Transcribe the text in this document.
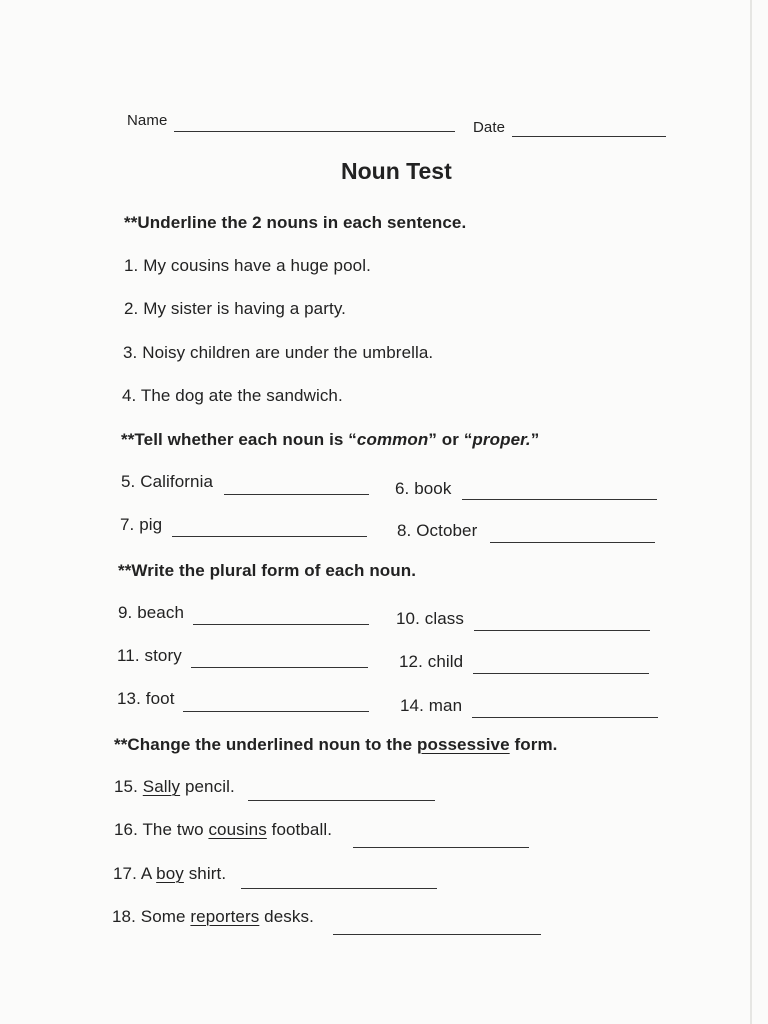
Name	Date
Noun Test
**Underline the 2 nouns in each sentence.
1. My cousins have a huge pool.
2. My sister is having a party.
3. Noisy children are under the umbrella.
4. The dog ate the sandwich.
**Tell whether each noun is “common” or “proper.”
5. California	6. book
7. pig	8. October
**Write the plural form of each noun.
9. beach	10. class
11. story	12. child
13. foot	14. man
**Change the underlined noun to the possessive form.
15. Sally pencil.
16. The two cousins football.
17. A boy shirt.
18. Some reporters desks.
